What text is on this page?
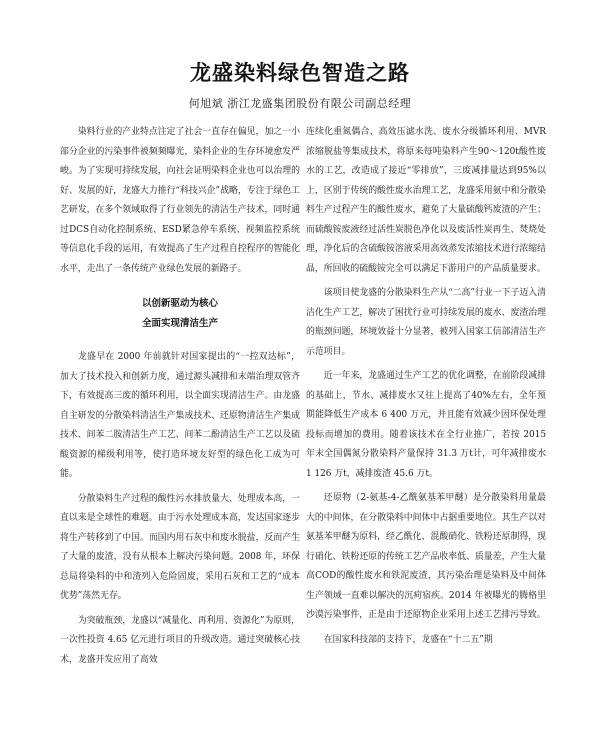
龙盛染料绿色智造之路
何旭斌 浙江龙盛集团股份有限公司副总经理

染料行业的产业特点注定了社会一直存在偏见，加之一小部分企业的污染事件被频频曝光，染料企业的生存环境愈发严峻。为了实现可持续发展，向社会证明染料企业也可以治理的好、发展的好，龙盛大力推行“科技兴企”战略，专注于绿色工艺研发，在多个领域取得了行业领先的清洁生产技术，同时通过DCS自动化控制系统、ESD紧急停车系统、视频监控系统等信息化手段的运用，有效提高了生产过程自控程序的智能化水平，走出了一条传统产业绿色发展的新路子。

以创新驱动为核心
全面实现清洁生产

龙盛早在 2000 年前就针对国家提出的“一控双达标”，加大了技术投入和创新力度，通过源头减排和末端治理双管齐下，有效提高三废的循环利用，以全面实现清洁生产。由龙盛自主研发的分散染料清洁生产集成技术、还原物清洁生产集成技术、间苯二胺清洁生产工艺、间苯二酚清洁生产工艺以及硫酸资源的梯级利用等，使打造环境友好型的绿色化工成为可能。

分散染料生产过程的酸性污水排放量大、处理成本高，一直以来是全球性的难题。由于污水处理成本高，发达国家逐步将生产转移到了中国。而国内用石灰中和废水脱盐，反而产生了大量的废渣，没有从根本上解决污染问题。2008 年，环保总局将染料的中和渣列入危险固废，采用石灰和工艺的“成本优势”荡然无存。

为突破瓶颈，龙盛以“减量化、再利用、资源化”为原则，一次性投资 4.65 亿元进行项目的升级改造。通过突破核心技术，龙盛开发应用了高效

连续化重氮偶合、高效压滤水洗、废水分级循环利用、MVR浓缩脱盐等集成技术，将原来每吨染料产生90～120t酸性废水的工艺，改造成了接近“零排放”，三废减排量达到95%以上，区别于传统的酸性废水治理工艺，龙盛采用氨中和分散染料生产过程产生的酸性废水，避免了大量硫酸钙废渣的产生；而硫酸铵废液经过活性炭脱色净化以及废活性炭再生、焚烧处理，净化后的含硫酸铵溶液采用高效蒸发浓缩技术进行浓缩结晶，所回收的硫酸铵完全可以满足下游用户的产品质量要求。

该项目使龙盛的分散染料生产从“二高”行业一下子迈入清洁化生产工艺，解决了困扰行业可持续发展的废水、废渣治理的瓶颈问题，环境效益十分显著，被列入国家工信部清洁生产示范项目。

近一年来，龙盛通过生产工艺的优化调整，在前阶段减排的基础上，节水、减排废水又往上提高了40%左右，全年预期能降低生产成本 6 400 万元，并且能有效减少因环保处理投标而增加的费用。随着该技术在全行业推广，若按 2015 年末全国偶氮分散染料产量保持 31.3 万t计，可年减排废水 1 126 万t，减排废渣 45.6 万t。

还原物（2-氨基-4-乙酰氨基苯甲醚）是分散染料用量最大的中间体，在分散染料中间体中占据重要地位。其生产以对氨基苯甲醚为原料，经乙酰化、混酸硝化、铁粉还原制得，现行硝化、铁粉还原的传统工艺产品收率低、质量差，产生大量高COD的酸性废水和铁泥废渣，其污染治理是染料及中间体生产领域一直难以解决的沉疴宿疾。2014 年被曝光的腾格里沙漠污染事件，正是由于还原物企业采用上述工艺排污导致。

在国家科技部的支持下，龙盛在“十二五”期
